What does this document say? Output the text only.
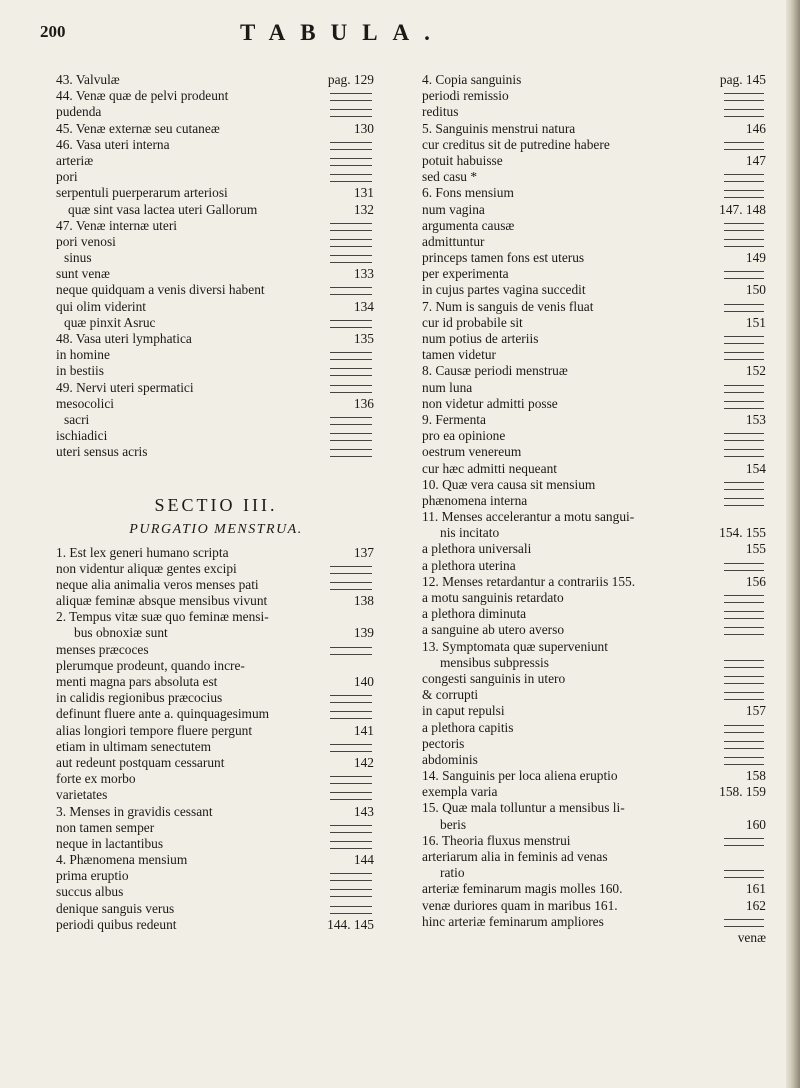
200	TABULA.
43. Valvulæ	pag. 129
44. Venæ quæ de pelvi prodeunt
pudenda
45. Venæ externæ seu cutaneæ	130
46. Vasa uteri interna
arteriæ
pori
serpentuli puerperarum arteriosi	131
quæ sint vasa lactea uteri Gallorum	132
47. Venæ internæ uteri
pori venosi
sinus
sunt venæ	133
neque quidquam a venis diversi habent
qui olim viderint	134
quæ pinxit Asruc
48. Vasa uteri lymphatica	135
in homine
in bestiis
49. Nervi uteri spermatici
mesocolici	136
sacri
ischiadici
uteri sensus acris
SECTIO III.
PURGATIO MENSTRUA.
1. Est lex generi humano scripta	137
non videntur aliquæ gentes excipi
neque alia animalia veros menses pati
aliquæ feminæ absque mensibus vivunt	138
2. Tempus vitæ suæ quo feminæ mensi-
bus obnoxiæ sunt	139
menses præcoces
plerumque prodeunt, quando incre-
menti magna pars absoluta est	140
in calidis regionibus præcocius
definunt fluere ante a. quinquagesimum
alias longiori tempore fluere pergunt	141
etiam in ultimam senectutem
aut redeunt postquam cessarunt	142
forte ex morbo
varietates
3. Menses in gravidis cessant	143
non tamen semper
neque in lactantibus
4. Phænomena mensium	144
prima eruptio
succus albus
denique sanguis verus
periodi quibus redeunt	144. 145
4. Copia sanguinis	pag. 145
periodi remissio
reditus
5. Sanguinis menstrui natura	146
cur creditus sit de putredine habere
potuit habuisse	147
sed casu *
6. Fons mensium
num vagina	147. 148
argumenta causæ
admittuntur
princeps tamen fons est uterus	149
per experimenta
in cujus partes vagina succedit	150
7. Num is sanguis de venis fluat
cur id probabile sit	151
num potius de arteriis
tamen videtur
8. Causæ periodi menstruæ	152
num luna
non videtur admitti posse
9. Fermenta	153
pro ea opinione
oestrum venereum
cur hæc admitti nequeant	154
10. Quæ vera causa sit mensium
phænomena interna
11. Menses accelerantur a motu sangui-
nis incitato	154. 155
a plethora universali	155
a plethora uterina
12. Menses retardantur a contrariis 155.	156
a motu sanguinis retardato
a plethora diminuta
a sanguine ab utero averso
13. Symptomata quæ superveniunt
mensibus subpressis
congesti sanguinis in utero
& corrupti
in caput repulsi	157
a plethora capitis
pectoris
abdominis
14. Sanguinis per loca aliena eruptio	158
exempla varia	158. 159
15. Quæ mala tolluntur a mensibus li-
beris	160
16. Theoria fluxus menstrui
arteriarum alia in feminis ad venas
ratio
arteriæ feminarum magis molles 160.	161
venæ duriores quam in maribus 161.	162
hinc arteriæ feminarum ampliores
venæ
